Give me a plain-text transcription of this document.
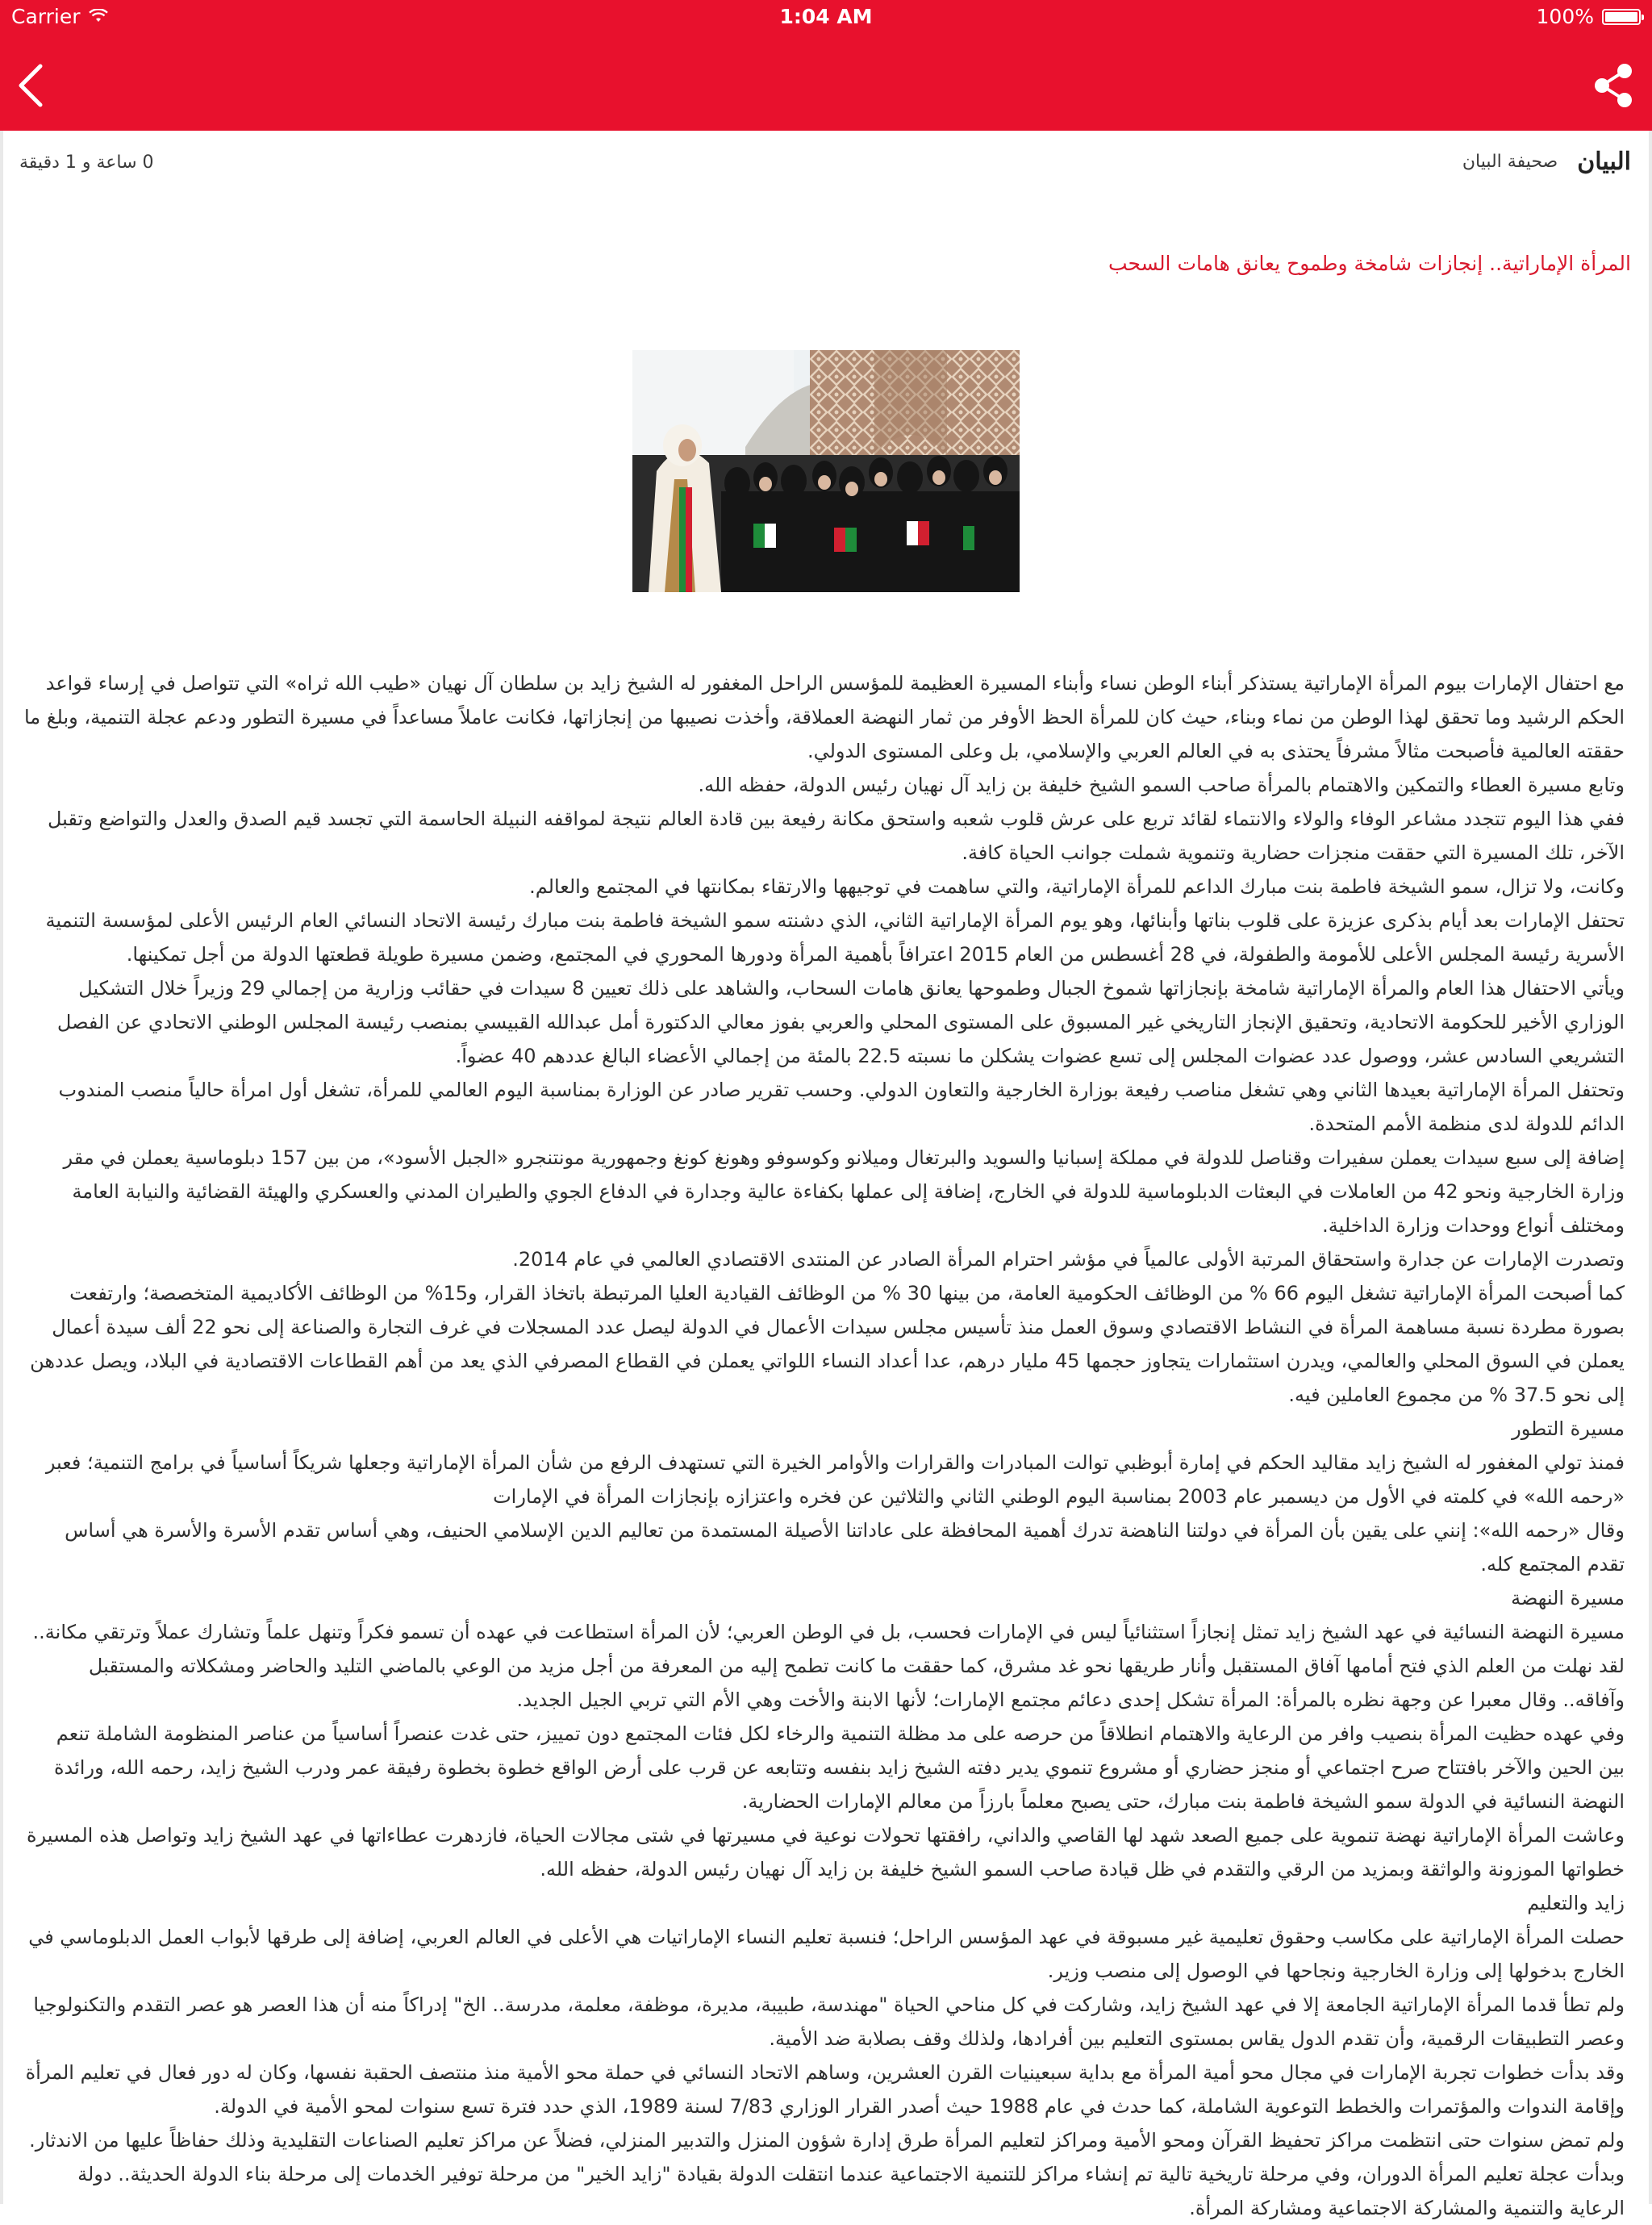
Carrier	1:04 AM	100%
0 ساعة و 1 دقيقة	البيان
صحيفة البيان
المرأة الإماراتية.. إنجازات شامخة وطموح يعانق هامات السحب

مع احتفال الإمارات بيوم المرأة الإماراتية يستذكر أبناء الوطن نساء وأبناء المسيرة العظيمة للمؤسس الراحل المغفور له الشيخ زايد بن سلطان آل نهيان «طيب الله ثراه» التي تتواصل في إرساء قواعد الحكم الرشيد وما تحقق لهذا الوطن من نماء وبناء، حيث كان للمرأة الحظ الأوفر من ثمار النهضة العملاقة، وأخذت نصيبها من إنجازاتها، فكانت عاملاً مساعداً في مسيرة التطور ودعم عجلة التنمية، وبلغ ما حققته العالمية فأصبحت مثالاً مشرفاً يحتذى به في العالم العربي والإسلامي، بل وعلى المستوى الدولي.

وتابع مسيرة العطاء والتمكين والاهتمام بالمرأة صاحب السمو الشيخ خليفة بن زايد آل نهيان رئيس الدولة، حفظه الله.

ففي هذا اليوم تتجدد مشاعر الوفاء والولاء والانتماء لقائد تربع على عرش قلوب شعبه واستحق مكانة رفيعة بين قادة العالم نتيجة لمواقفه النبيلة الحاسمة التي تجسد قيم الصدق والعدل والتواضع وتقبل الآخر، تلك المسيرة التي حققت منجزات حضارية وتنموية شملت جوانب الحياة كافة.

وكانت، ولا تزال، سمو الشيخة فاطمة بنت مبارك الداعم للمرأة الإماراتية، والتي ساهمت في توجيهها والارتقاء بمكانتها في المجتمع والعالم.

تحتفل الإمارات بعد أيام بذكرى عزيزة على قلوب بناتها وأبنائها، وهو يوم المرأة الإماراتية الثاني، الذي دشنته سمو الشيخة فاطمة بنت مبارك رئيسة الاتحاد النسائي العام الرئيس الأعلى لمؤسسة التنمية الأسرية رئيسة المجلس الأعلى للأمومة والطفولة، في 28 أغسطس من العام 2015 اعترافاً بأهمية المرأة ودورها المحوري في المجتمع، وضمن مسيرة طويلة قطعتها الدولة من أجل تمكينها.

ويأتي الاحتفال هذا العام والمرأة الإماراتية شامخة بإنجازاتها شموخ الجبال وطموحها يعانق هامات السحاب، والشاهد على ذلك تعيين 8 سيدات في حقائب وزارية من إجمالي 29 وزيراً خلال التشكيل الوزاري الأخير للحكومة الاتحادية، وتحقيق الإنجاز التاريخي غير المسبوق على المستوى المحلي والعربي بفوز معالي الدكتورة أمل عبدالله القبيسي بمنصب رئيسة المجلس الوطني الاتحادي عن الفصل التشريعي السادس عشر، ووصول عدد عضوات المجلس إلى تسع عضوات يشكلن ما نسبته 22.5 بالمئة من إجمالي الأعضاء البالغ عددهم 40 عضواً.

وتحتفل المرأة الإماراتية بعيدها الثاني وهي تشغل مناصب رفيعة بوزارة الخارجية والتعاون الدولي. وحسب تقرير صادر عن الوزارة بمناسبة اليوم العالمي للمرأة، تشغل أول امرأة حالياً منصب المندوب الدائم للدولة لدى منظمة الأمم المتحدة.

إضافة إلى سبع سيدات يعملن سفيرات وقناصل للدولة في مملكة إسبانيا والسويد والبرتغال وميلانو وكوسوفو وهونغ كونغ وجمهورية مونتنجرو «الجبل الأسود»، من بين 157 دبلوماسية يعملن في مقر وزارة الخارجية ونحو 42 من العاملات في البعثات الدبلوماسية للدولة في الخارج، إضافة إلى عملها بكفاءة عالية وجدارة في الدفاع الجوي والطيران المدني والعسكري والهيئة القضائية والنيابة العامة ومختلف أنواع ووحدات وزارة الداخلية.

وتصدرت الإمارات عن جدارة واستحقاق المرتبة الأولى عالمياً في مؤشر احترام المرأة الصادر عن المنتدى الاقتصادي العالمي في عام 2014.

كما أصبحت المرأة الإماراتية تشغل اليوم 66 % من الوظائف الحكومية العامة، من بينها 30 % من الوظائف القيادية العليا المرتبطة باتخاذ القرار، و15% من الوظائف الأكاديمية المتخصصة؛ وارتفعت بصورة مطردة نسبة مساهمة المرأة في النشاط الاقتصادي وسوق العمل منذ تأسيس مجلس سيدات الأعمال في الدولة ليصل عدد المسجلات في غرف التجارة والصناعة إلى نحو 22 ألف سيدة أعمال يعملن في السوق المحلي والعالمي، ويدرن استثمارات يتجاوز حجمها 45 مليار درهم، عدا أعداد النساء اللواتي يعملن في القطاع المصرفي الذي يعد من أهم القطاعات الاقتصادية في البلاد، ويصل عددهن إلى نحو 37.5 % من مجموع العاملين فيه.

مسيرة التطور

فمنذ تولي المغفور له الشيخ زايد مقاليد الحكم في إمارة أبوظبي توالت المبادرات والقرارات والأوامر الخيرة التي تستهدف الرفع من شأن المرأة الإماراتية وجعلها شريكاً أساسياً في برامج التنمية؛ فعبر «رحمه الله» في كلمته في الأول من ديسمبر عام 2003 بمناسبة اليوم الوطني الثاني والثلاثين عن فخره واعتزازه بإنجازات المرأة في الإمارات

وقال «رحمه الله»: إنني على يقين بأن المرأة في دولتنا الناهضة تدرك أهمية المحافظة على عاداتنا الأصيلة المستمدة من تعاليم الدين الإسلامي الحنيف، وهي أساس تقدم الأسرة والأسرة هي أساس تقدم المجتمع كله.

مسيرة النهضة

مسيرة النهضة النسائية في عهد الشيخ زايد تمثل إنجازاً استثنائياً ليس في الإمارات فحسب، بل في الوطن العربي؛ لأن المرأة استطاعت في عهده أن تسمو فكراً وتنهل علماً وتشارك عملاً وترتقي مكانة.. لقد نهلت من العلم الذي فتح أمامها آفاق المستقبل وأنار طريقها نحو غد مشرق، كما حققت ما كانت تطمح إليه من المعرفة من أجل مزيد من الوعي بالماضي التليد والحاضر ومشكلاته والمستقبل وآفاقه.. وقال معبرا عن وجهة نظره بالمرأة: المرأة تشكل إحدى دعائم مجتمع الإمارات؛ لأنها الابنة والأخت وهي الأم التي تربي الجيل الجديد.

وفي عهده حظيت المرأة بنصيب وافر من الرعاية والاهتمام انطلاقاً من حرصه على مد مظلة التنمية والرخاء لكل فئات المجتمع دون تمييز، حتى غدت عنصراً أساسياً من عناصر المنظومة الشاملة تنعم بين الحين والآخر بافتتاح صرح اجتماعي أو منجز حضاري أو مشروع تنموي يدير دفته الشيخ زايد بنفسه وتتابعه عن قرب على أرض الواقع خطوة بخطوة رفيقة عمر ودرب الشيخ زايد، رحمه الله، ورائدة النهضة النسائية في الدولة سمو الشيخة فاطمة بنت مبارك، حتى يصبح معلماً بارزاً من معالم الإمارات الحضارية.

وعاشت المرأة الإماراتية نهضة تنموية على جميع الصعد شهد لها القاصي والداني، رافقتها تحولات نوعية في مسيرتها في شتى مجالات الحياة، فازدهرت عطاءاتها في عهد الشيخ زايد وتواصل هذه المسيرة خطواتها الموزونة والواثقة وبمزيد من الرقي والتقدم في ظل قيادة صاحب السمو الشيخ خليفة بن زايد آل نهيان رئيس الدولة، حفظه الله.

زايد والتعليم

حصلت المرأة الإماراتية على مكاسب وحقوق تعليمية غير مسبوقة في عهد المؤسس الراحل؛ فنسبة تعليم النساء الإماراتيات هي الأعلى في العالم العربي، إضافة إلى طرقها لأبواب العمل الدبلوماسي في الخارج بدخولها إلى وزارة الخارجية ونجاحها في الوصول إلى منصب وزير.

ولم تطأ قدما المرأة الإماراتية الجامعة إلا في عهد الشيخ زايد، وشاركت في كل مناحي الحياة "مهندسة، طبيبة، مديرة، موظفة، معلمة، مدرسة.. الخ" إدراكاً منه أن هذا العصر هو عصر التقدم والتكنولوجيا وعصر التطبيقات الرقمية، وأن تقدم الدول يقاس بمستوى التعليم بين أفرادها، ولذلك وقف بصلابة ضد الأمية.

وقد بدأت خطوات تجربة الإمارات في مجال محو أمية المرأة مع بداية سبعينيات القرن العشرين، وساهم الاتحاد النسائي في حملة محو الأمية منذ منتصف الحقبة نفسها، وكان له دور فعال في تعليم المرأة وإقامة الندوات والمؤتمرات والخطط التوعوية الشاملة، كما حدث في عام 1988 حيث أصدر القرار الوزاري 7/83 لسنة 1989، الذي حدد فترة تسع سنوات لمحو الأمية في الدولة.

ولم تمض سنوات حتى انتظمت مراكز تحفيظ القرآن ومحو الأمية ومراكز لتعليم المرأة طرق إدارة شؤون المنزل والتدبير المنزلي، فضلاً عن مراكز تعليم الصناعات التقليدية وذلك حفاظاً عليها من الاندثار.

وبدأت عجلة تعليم المرأة الدوران، وفي مرحلة تاريخية تالية تم إنشاء مراكز للتنمية الاجتماعية عندما انتقلت الدولة بقيادة "زايد الخير" من مرحلة توفير الخدمات إلى مرحلة بناء الدولة الحديثة.. دولة الرعاية والتنمية والمشاركة الاجتماعية ومشاركة المرأة.
